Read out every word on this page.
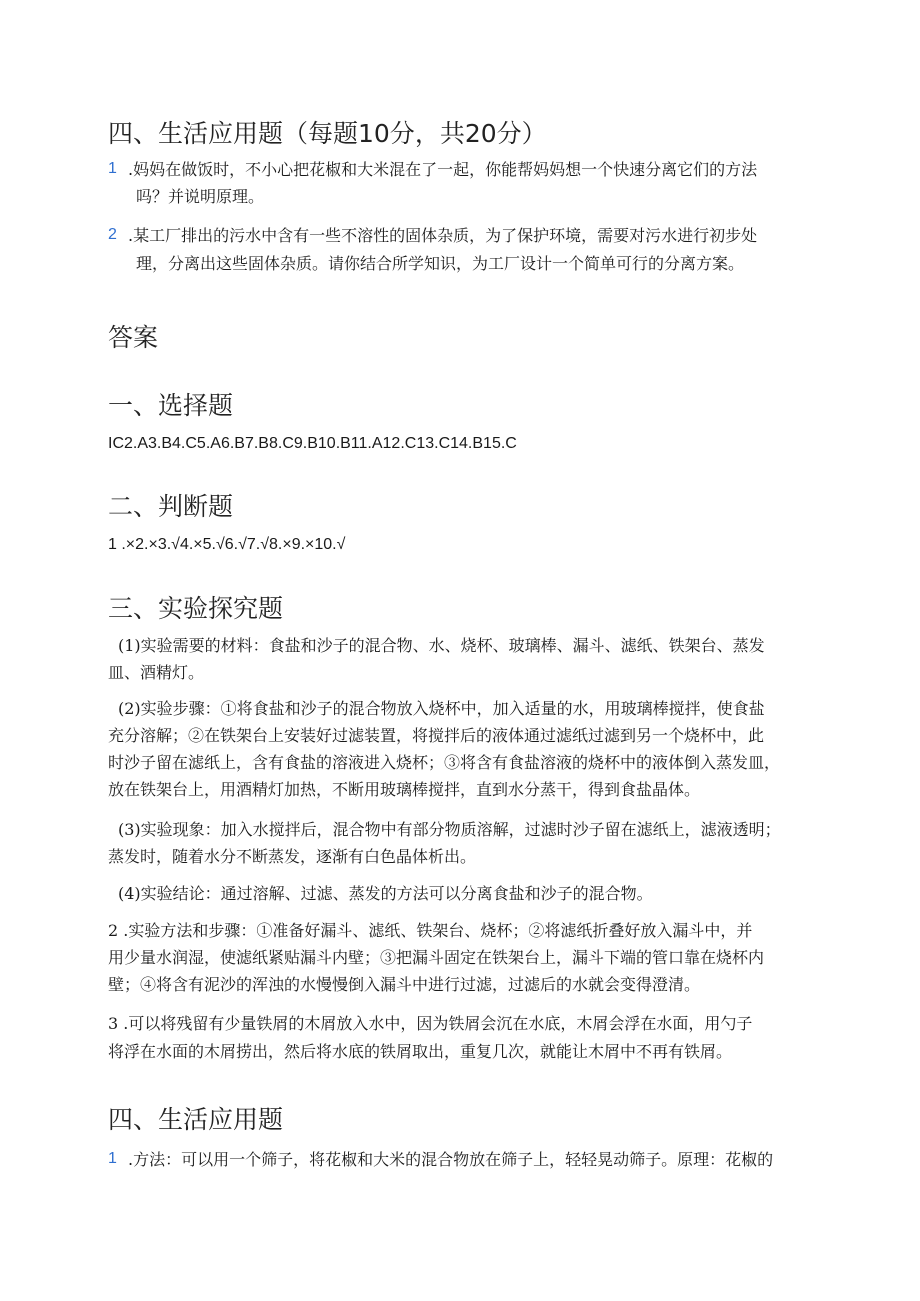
四、生活应用题（每题10分，共20分）
1 .妈妈在做饭时，不小心把花椒和大米混在了一起，你能帮妈妈想一个快速分离它们的方法
吗？并说明原理。
2 .某工厂排出的污水中含有一些不溶性的固体杂质，为了保护环境，需要对污水进行初步处
理，分离出这些固体杂质。请你结合所学知识，为工厂设计一个简单可行的分离方案。
答案
一、选择题
IC2.A3.B4.C5.A6.B7.B8.C9.B10.B11.A12.C13.C14.B15.C
二、判断题
1 .×2.×3.√4.×5.√6.√7.√8.×9.×10.√
三、实验探究题
(1)实验需要的材料：食盐和沙子的混合物、水、烧杯、玻璃棒、漏斗、滤纸、铁架台、蒸发
皿、酒精灯。
(2)实验步骤：①将食盐和沙子的混合物放入烧杯中，加入适量的水，用玻璃棒搅拌，使食盐
充分溶解；②在铁架台上安装好过滤装置，将搅拌后的液体通过滤纸过滤到另一个烧杯中，此
时沙子留在滤纸上，含有食盐的溶液进入烧杯；③将含有食盐溶液的烧杯中的液体倒入蒸发皿，
放在铁架台上，用酒精灯加热，不断用玻璃棒搅拌，直到水分蒸干，得到食盐晶体。
(3)实验现象：加入水搅拌后，混合物中有部分物质溶解，过滤时沙子留在滤纸上，滤液透明；
蒸发时，随着水分不断蒸发，逐渐有白色晶体析出。
(4)实验结论：通过溶解、过滤、蒸发的方法可以分离食盐和沙子的混合物。
2 .实验方法和步骤：①准备好漏斗、滤纸、铁架台、烧杯；②将滤纸折叠好放入漏斗中，并
用少量水润湿，使滤纸紧贴漏斗内壁；③把漏斗固定在铁架台上，漏斗下端的管口靠在烧杯内
壁；④将含有泥沙的浑浊的水慢慢倒入漏斗中进行过滤，过滤后的水就会变得澄清。
3 .可以将残留有少量铁屑的木屑放入水中，因为铁屑会沉在水底，木屑会浮在水面，用勺子
将浮在水面的木屑捞出，然后将水底的铁屑取出，重复几次，就能让木屑中不再有铁屑。
四、生活应用题
1 .方法：可以用一个筛子，将花椒和大米的混合物放在筛子上，轻轻晃动筛子。原理：花椒的
